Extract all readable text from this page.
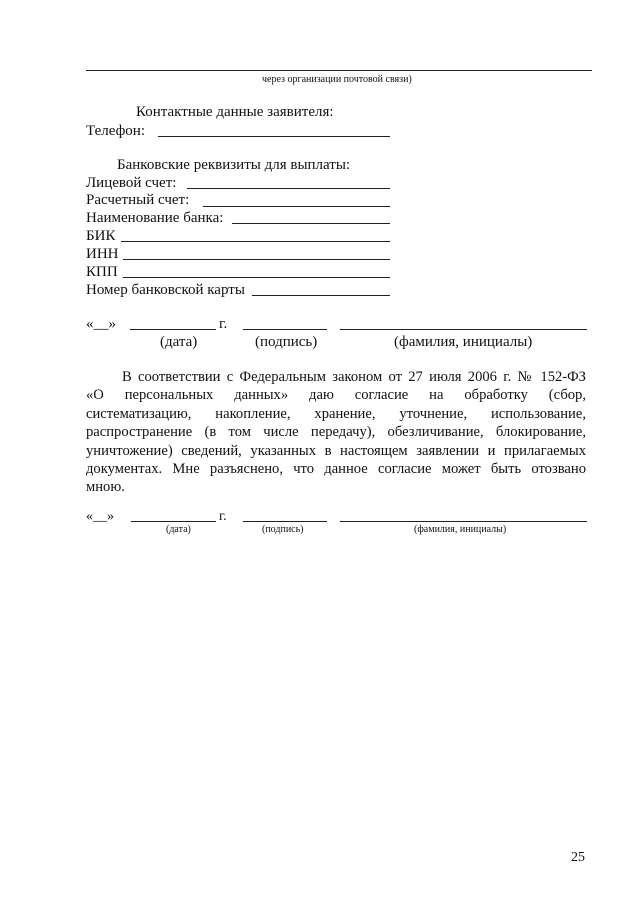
через организации почтовой связи)
Контактные данные заявителя:
Телефон:
Банковские реквизиты для выплаты:
Лицевой счет:
Расчетный счет:
Наименование банка:
БИК
ИНН
КПП
Номер банковской карты
«__»	г.
(дата)	(подпись)	(фамилия, инициалы)
В соответствии с Федеральным законом от 27 июля 2006 г. № 152-ФЗ
«О персональных данных» даю согласие на обработку (сбор,
систематизацию, накопление, хранение, уточнение, использование,
распространение (в том числе передачу), обезличивание, блокирование,
уничтожение) сведений, указанных в настоящем заявлении и прилагаемых
документах. Мне разъяснено, что данное согласие может быть отозвано
мною.
«__»	г.
(дата)	(подпись)	(фамилия, инициалы)
25
